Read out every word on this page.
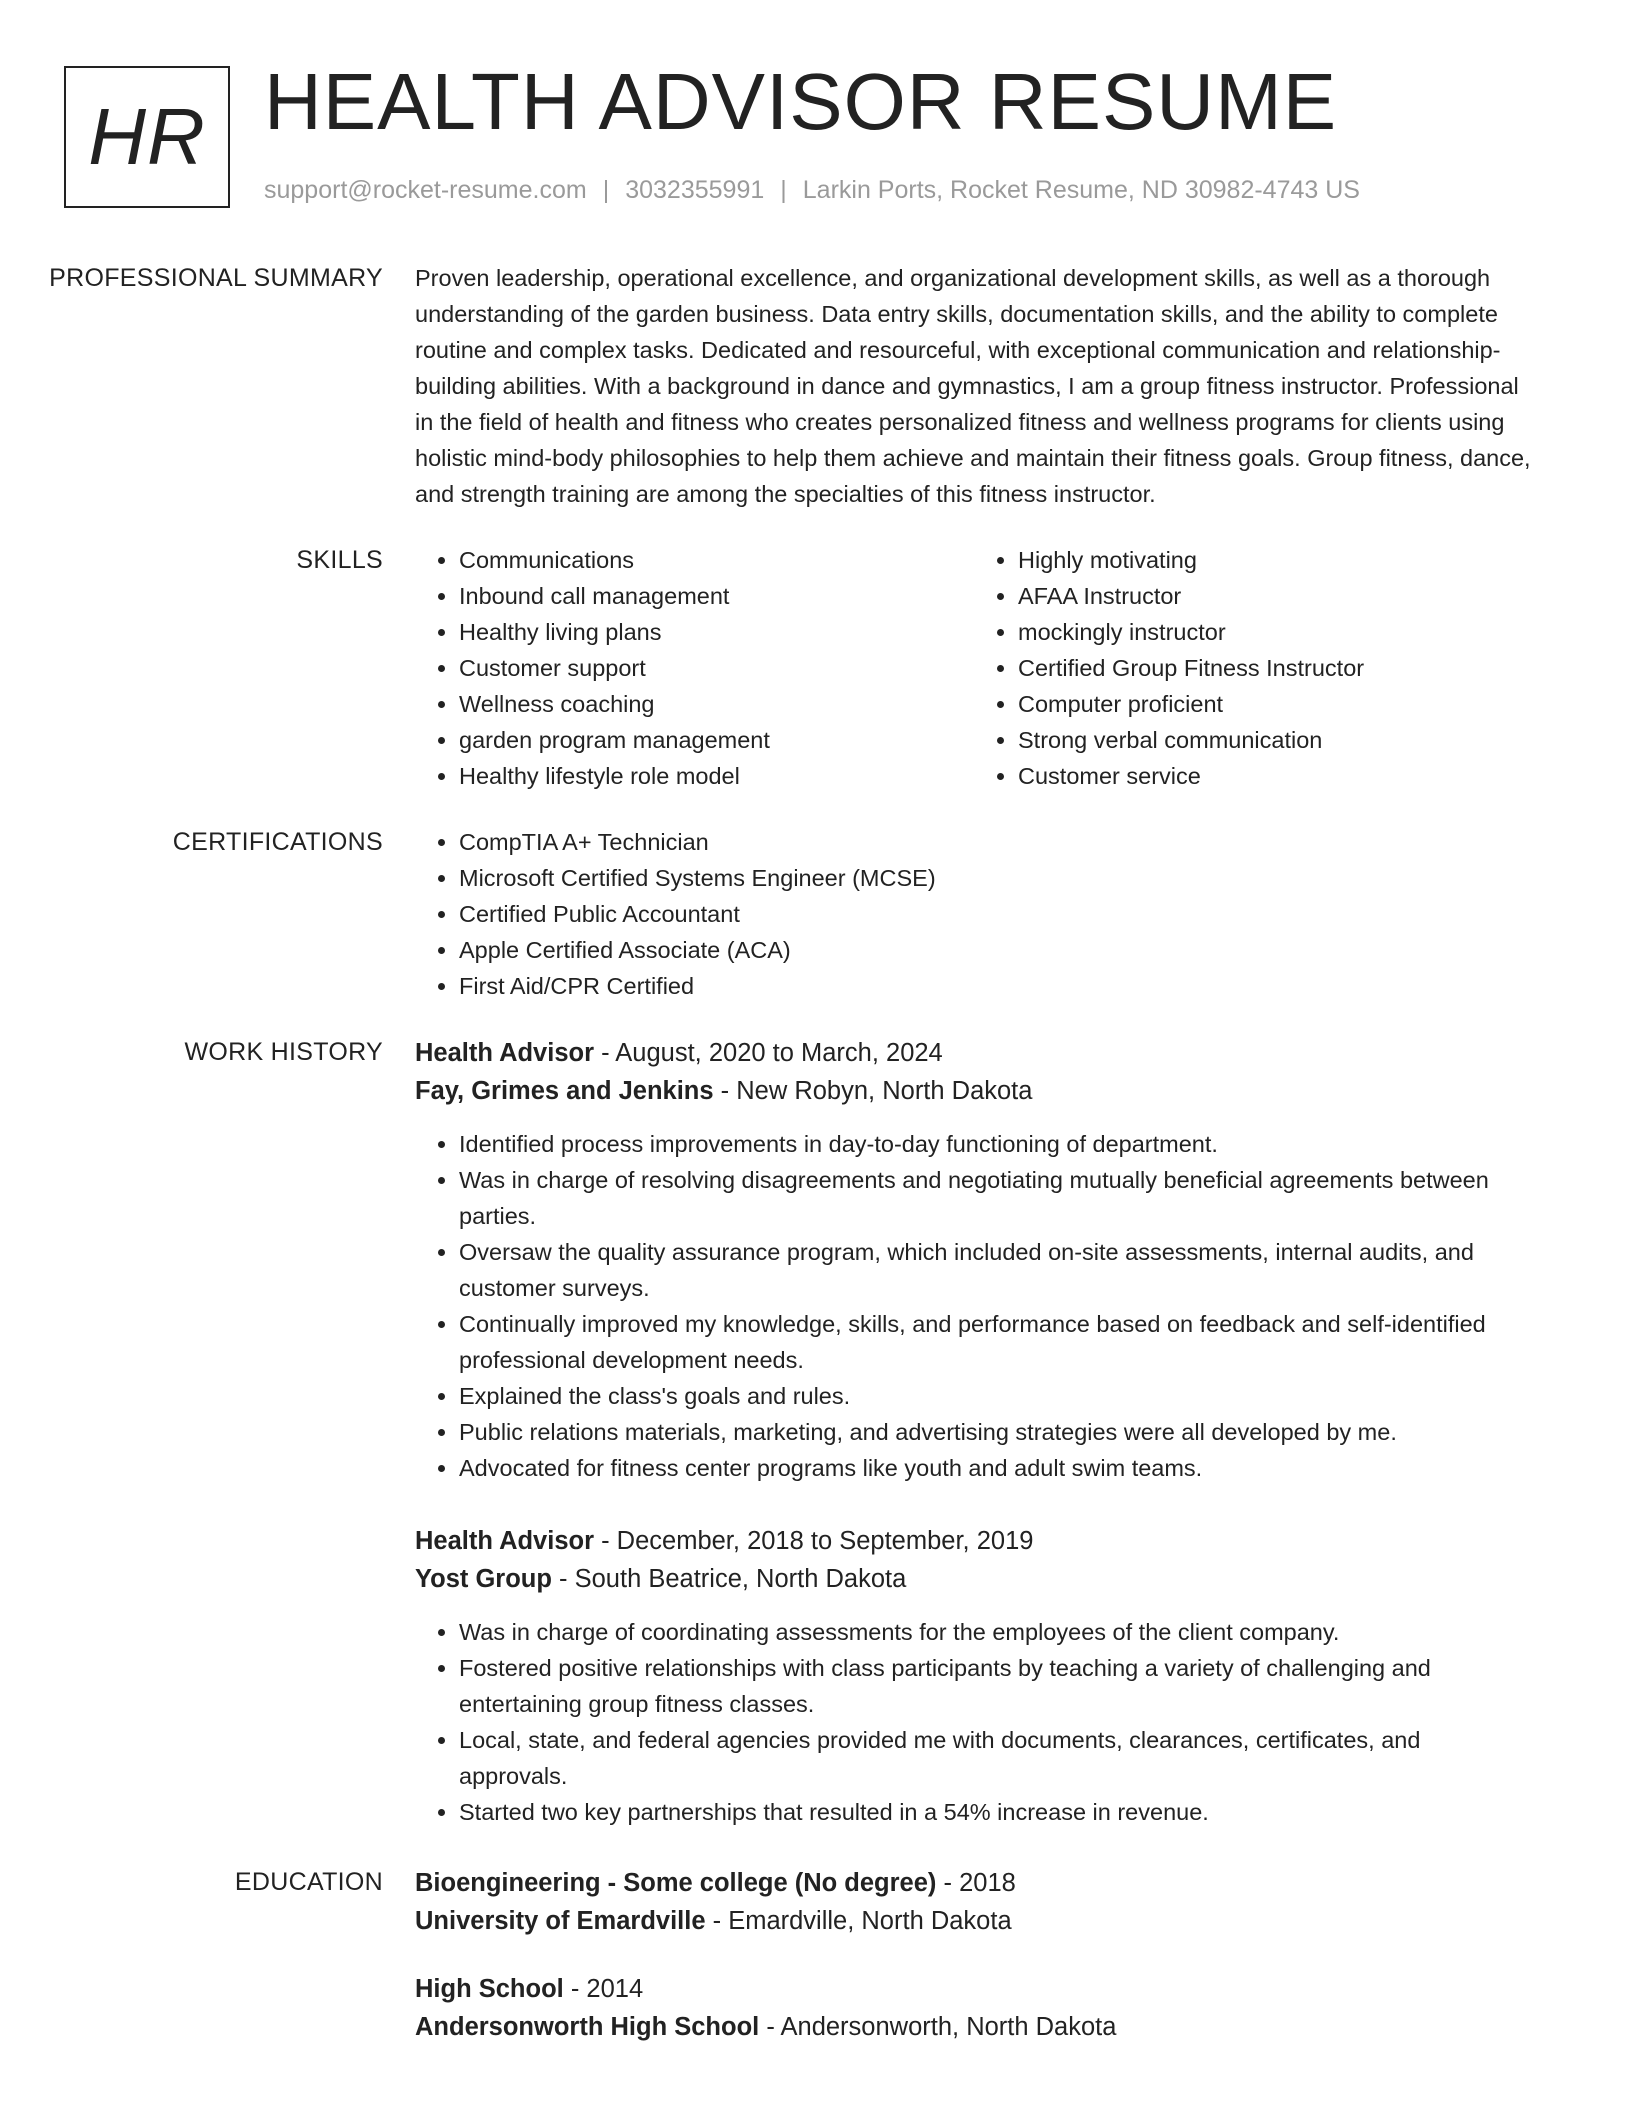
HR HEALTH ADVISOR RESUME
support@rocket-resume.com | 3032355991 | Larkin Ports, Rocket Resume, ND 30982-4743 US
PROFESSIONAL SUMMARY	Proven leadership, operational excellence, and organizational development skills, as well as a thorough understanding of the garden business. Data entry skills, documentation skills, and the ability to complete routine and complex tasks. Dedicated and resourceful, with exceptional communication and relationship-building abilities. With a background in dance and gymnastics, I am a group fitness instructor. Professional in the field of health and fitness who creates personalized fitness and wellness programs for clients using holistic mind-body philosophies to help them achieve and maintain their fitness goals. Group fitness, dance, and strength training are among the specialties of this fitness instructor.

SKILLS	• Communications
• Inbound call management
• Healthy living plans
• Customer support
• Wellness coaching
• garden program management
• Healthy lifestyle role model
• Highly motivating
• AFAA Instructor
• mockingly instructor
• Certified Group Fitness Instructor
• Computer proficient
• Strong verbal communication
• Customer service
CERTIFICATIONS	• CompTIA A+ Technician
• Microsoft Certified Systems Engineer (MCSE)
• Certified Public Accountant
• Apple Certified Associate (ACA)
• First Aid/CPR Certified
WORK HISTORY	Health Advisor - August, 2020 to March, 2024
Fay, Grimes and Jenkins - New Robyn, North Dakota
• Identified process improvements in day-to-day functioning of department.
• Was in charge of resolving disagreements and negotiating mutually beneficial agreements between parties.
• Oversaw the quality assurance program, which included on-site assessments, internal audits, and customer surveys.
• Continually improved my knowledge, skills, and performance based on feedback and self-identified professional development needs.
• Explained the class's goals and rules.
• Public relations materials, marketing, and advertising strategies were all developed by me.
• Advocated for fitness center programs like youth and adult swim teams.
Health Advisor - December, 2018 to September, 2019
Yost Group - South Beatrice, North Dakota
• Was in charge of coordinating assessments for the employees of the client company.
• Fostered positive relationships with class participants by teaching a variety of challenging and entertaining group fitness classes.
• Local, state, and federal agencies provided me with documents, clearances, certificates, and approvals.
• Started two key partnerships that resulted in a 54% increase in revenue.
EDUCATION	Bioengineering - Some college (No degree) - 2018
University of Emardville - Emardville, North Dakota
High School - 2014
Andersonworth High School - Andersonworth, North Dakota
